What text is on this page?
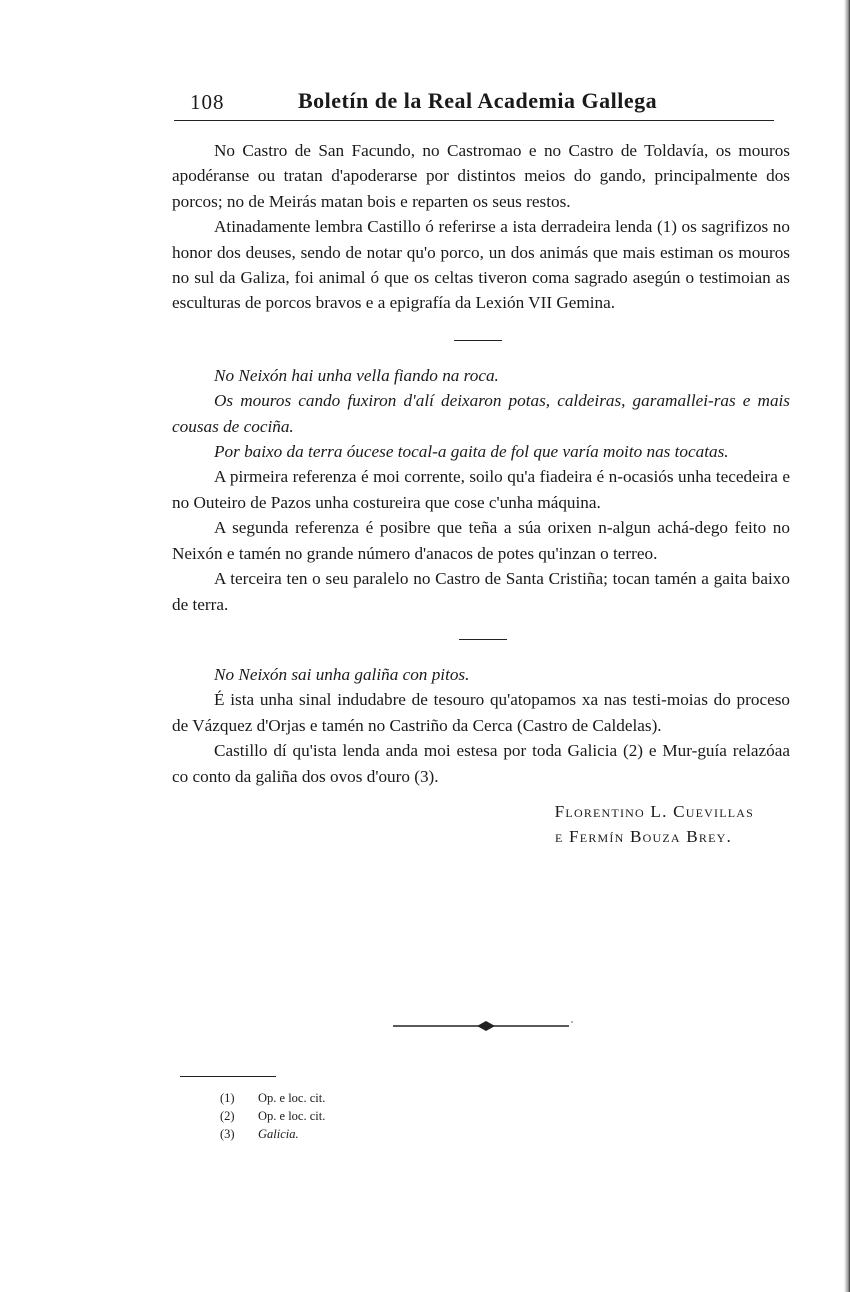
108	Boletín de la Real Academia Gallega

No Castro de San Facundo, no Castromao e no Castro de Toldavía, os mouros apodéranse ou tratan d'apoderarse por distintos meios do gando, principalmente dos porcos; no de Meirás matan bois e reparten os seus restos.

Atinadamente lembra Castillo ó referirse a ista derradeira lenda (1) os sagrifizos no honor dos deuses, sendo de notar qu'o porco, un dos animás que mais estiman os mouros no sul da Galiza, foi animal ó que os celtas tiveron coma sagrado asegún o testimoian as esculturas de porcos bravos e a epigrafía da Lexión VII Gemina.

No Neixón hai unha vella fiando na roca.

Os mouros cando fuxiron d'alí deixaron potas, caldeiras, garamallei-ras e mais cousas de cociña.

Por baixo da terra óucese tocal-a gaita de fol que varía moito nas tocatas.

A pirmeira referenza é moi corrente, soilo qu'a fiadeira é n-ocasiós unha tecedeira e no Outeiro de Pazos unha costureira que cose c'unha máquina.

A segunda referenza é posibre que teña a súa orixen n-algun achá-dego feito no Neixón e tamén no grande número d'anacos de potes qu'inzan o terreo.

A terceira ten o seu paralelo no Castro de Santa Cristiña; tocan tamén a gaita baixo de terra.

No Neixón sai unha galiña con pitos.

É ista unha sinal indudabre de tesouro qu'atopamos xa nas testi-moias do proceso de Vázquez d'Orjas e tamén no Castriño da Cerca (Castro de Caldelas).

Castillo dí qu'ista lenda anda moi estesa por toda Galicia (2) e Mur-guía relazóaa co conto da galiña dos ovos d'ouro (3).

Florentino L. Cuevillas
e Fermín Bouza Brey.
(1) Op. e loc. cit.
(2) Op. e loc. cit.
(3) Galicia.
